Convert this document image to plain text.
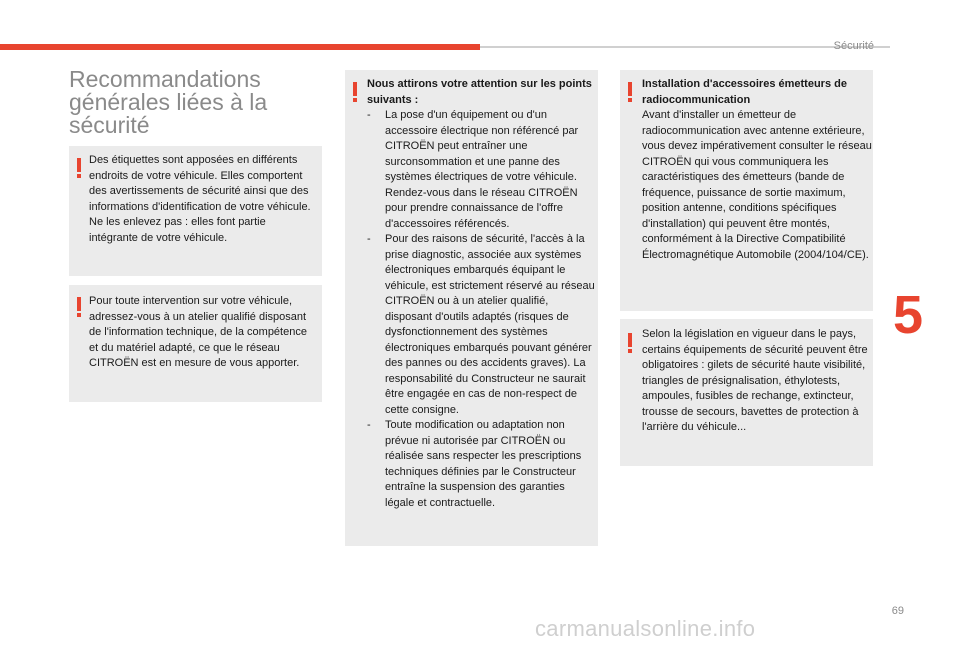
Sécurité
5
Recommandations générales liées à la sécurité

Des étiquettes sont apposées en différents endroits de votre véhicule. Elles comportent des avertissements de sécurité ainsi que des informations d'identification de votre véhicule. Ne les enlevez pas : elles font partie intégrante de votre véhicule.

Pour toute intervention sur votre véhicule, adressez-vous à un atelier qualifié disposant de l'information technique, de la compétence et du matériel adapté, ce que le réseau CITROËN est en mesure de vous apporter.

Nous attirons votre attention sur les points suivants :

- La pose d'un équipement ou d'un accessoire électrique non référencé par CITROËN peut entraîner une surconsommation et une panne des systèmes électriques de votre véhicule. Rendez-vous dans le réseau CITROËN pour prendre connaissance de l'offre d'accessoires référencés.
- Pour des raisons de sécurité, l'accès à la prise diagnostic, associée aux systèmes électroniques embarqués équipant le véhicule, est strictement réservé au réseau CITROËN ou à un atelier qualifié, disposant d'outils adaptés (risques de dysfonctionnement des systèmes électroniques embarqués pouvant générer des pannes ou des accidents graves). La responsabilité du Constructeur ne saurait être engagée en cas de non-respect de cette consigne.
- Toute modification ou adaptation non prévue ni autorisée par CITROËN ou réalisée sans respecter les prescriptions techniques définies par le Constructeur entraîne la suspension des garanties légale et contractuelle.

Installation d'accessoires émetteurs de radiocommunication

Avant d'installer un émetteur de radiocommunication avec antenne extérieure, vous devez impérativement consulter le réseau CITROËN qui vous communiquera les caractéristiques des émetteurs (bande de fréquence, puissance de sortie maximum, position antenne, conditions spécifiques d'installation) qui peuvent être montés, conformément à la Directive Compatibilité Électromagnétique Automobile (2004/104/CE).

Selon la législation en vigueur dans le pays, certains équipements de sécurité peuvent être obligatoires : gilets de sécurité haute visibilité, triangles de présignalisation, éthylotests, ampoules, fusibles de rechange, extincteur, trousse de secours, bavettes de protection à l'arrière du véhicule...

69
carmanualsonline.info
